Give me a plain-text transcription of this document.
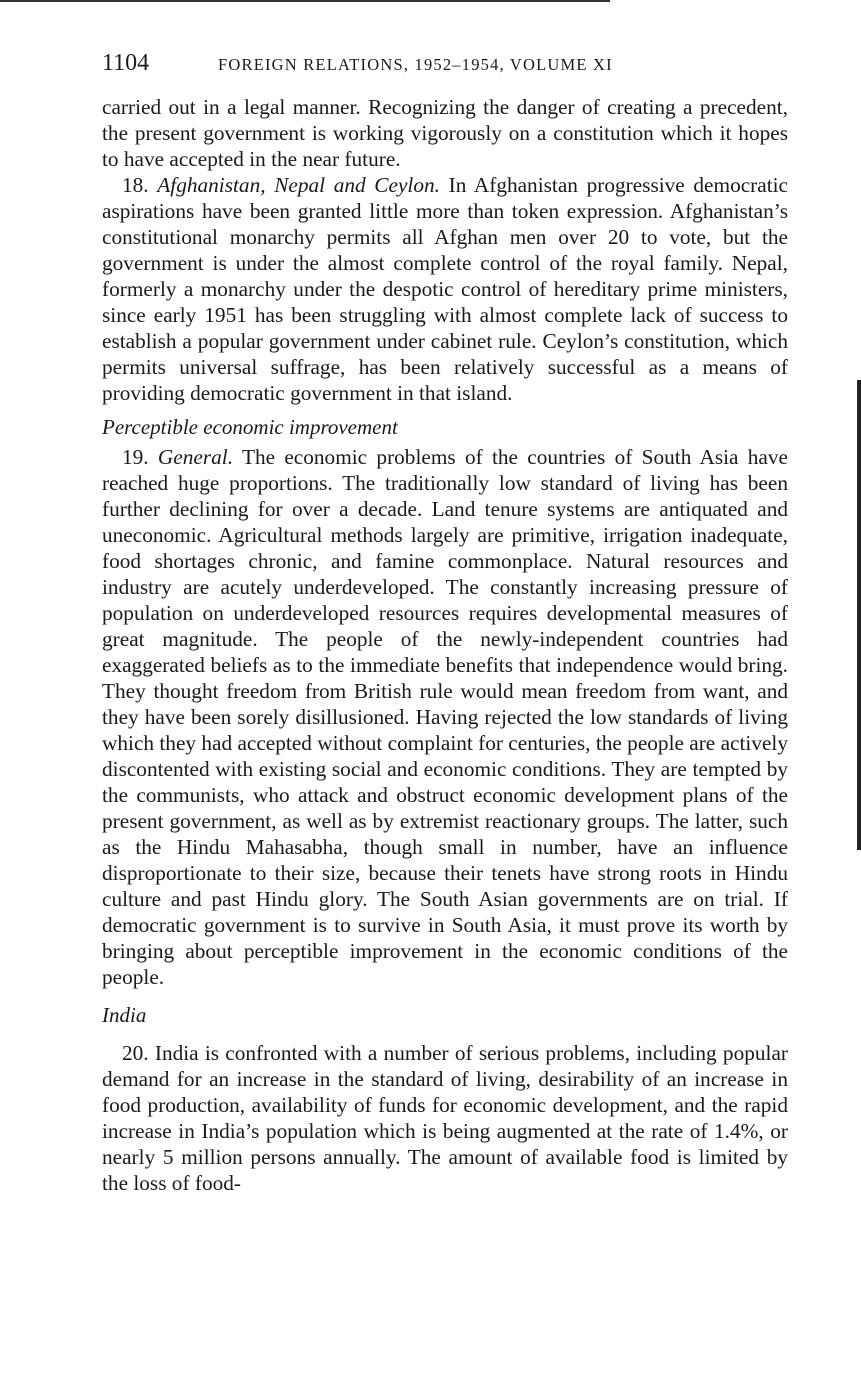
1104	FOREIGN RELATIONS, 1952–1954, VOLUME XI

carried out in a legal manner. Recognizing the danger of creating a precedent, the present government is working vigorously on a constitution which it hopes to have accepted in the near future.

18. Afghanistan, Nepal and Ceylon. In Afghanistan progressive democratic aspirations have been granted little more than token expression. Afghanistan’s constitutional monarchy permits all Afghan men over 20 to vote, but the government is under the almost complete control of the royal family. Nepal, formerly a monarchy under the despotic control of hereditary prime ministers, since early 1951 has been struggling with almost complete lack of success to establish a popular government under cabinet rule. Ceylon’s constitution, which permits universal suffrage, has been relatively successful as a means of providing democratic government in that island.

Perceptible economic improvement

19. General. The economic problems of the countries of South Asia have reached huge proportions. The traditionally low standard of living has been further declining for over a decade. Land tenure systems are antiquated and uneconomic. Agricultural methods largely are primitive, irrigation inadequate, food shortages chronic, and famine commonplace. Natural resources and industry are acutely underdeveloped. The constantly increasing pressure of population on underdeveloped resources requires developmental measures of great magnitude. The people of the newly-independent countries had exaggerated beliefs as to the immediate benefits that independence would bring. They thought freedom from British rule would mean freedom from want, and they have been sorely disillusioned. Having rejected the low standards of living which they had accepted without complaint for centuries, the people are actively discontented with existing social and economic conditions. They are tempted by the communists, who attack and obstruct economic development plans of the present government, as well as by extremist reactionary groups. The latter, such as the Hindu Mahasabha, though small in number, have an influence disproportionate to their size, because their tenets have strong roots in Hindu culture and past Hindu glory. The South Asian governments are on trial. If democratic government is to survive in South Asia, it must prove its worth by bringing about perceptible improvement in the economic conditions of the people.

India

20. India is confronted with a number of serious problems, including popular demand for an increase in the standard of living, desirability of an increase in food production, availability of funds for economic development, and the rapid increase in India’s population which is being augmented at the rate of 1.4%, or nearly 5 million persons annually. The amount of available food is limited by the loss of food-
